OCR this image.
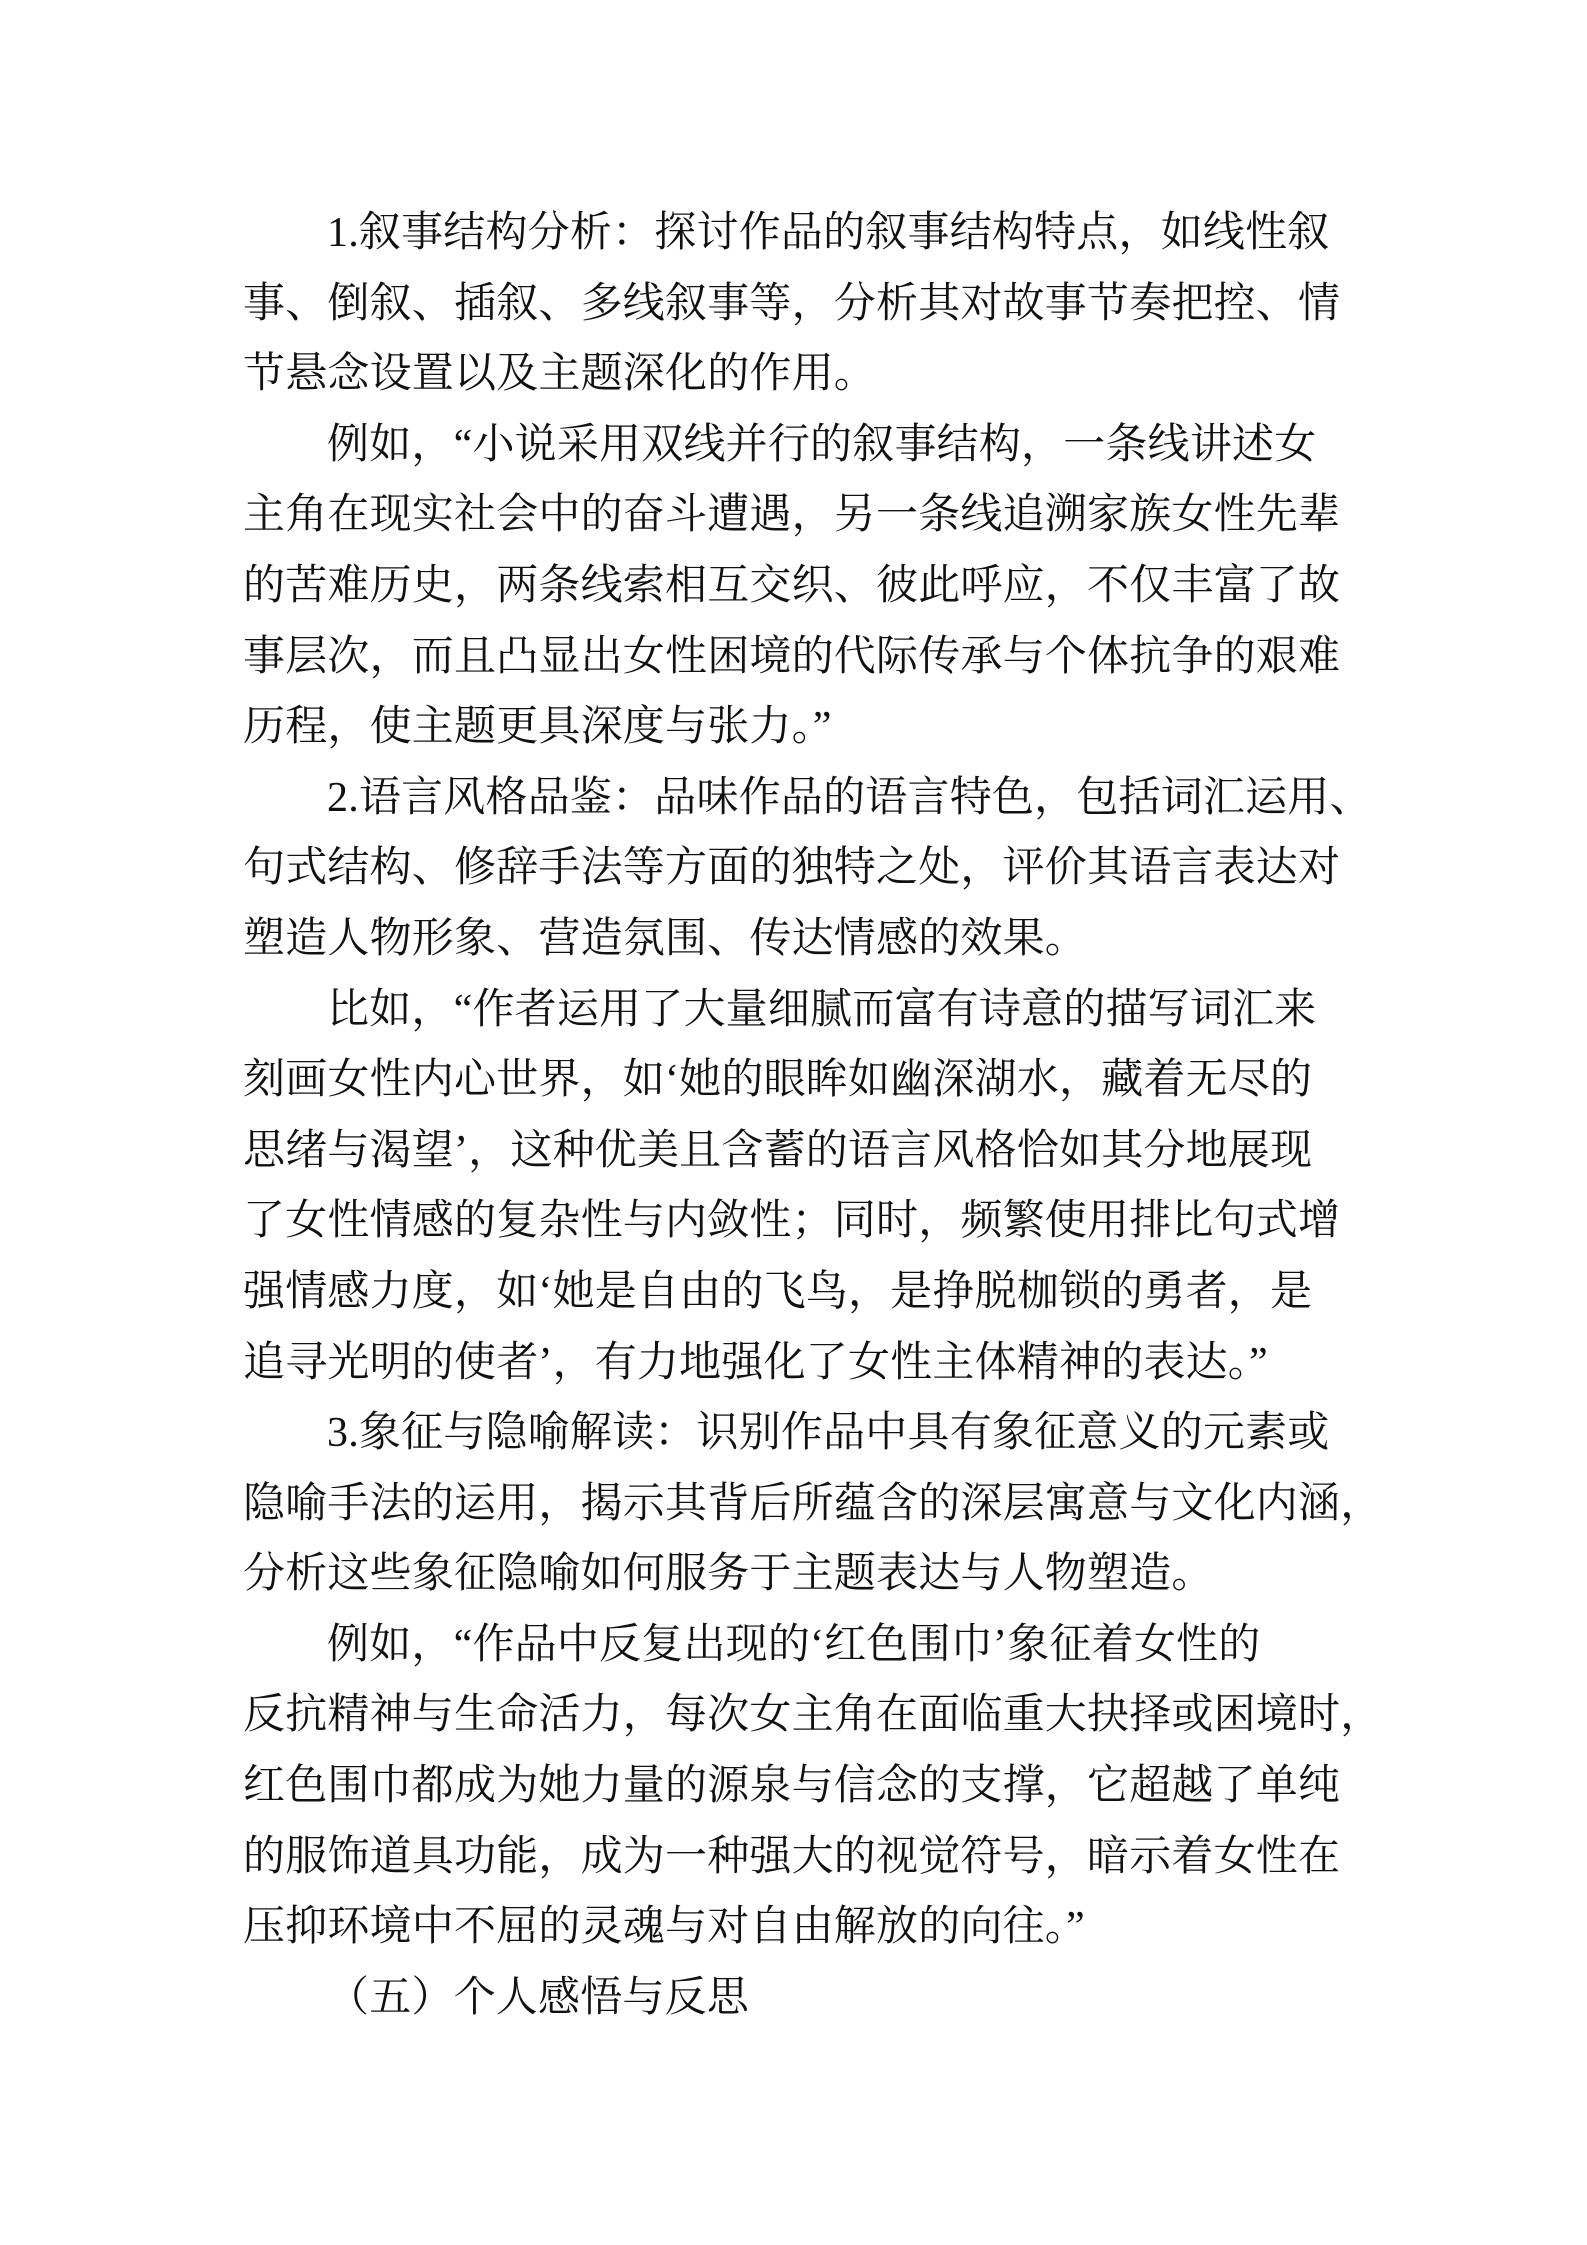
1.叙事结构分析：探讨作品的叙事结构特点，如线性叙
事、倒叙、插叙、多线叙事等，分析其对故事节奏把控、情
节悬念设置以及主题深化的作用。
例如，“小说采用双线并行的叙事结构，一条线讲述女
主角在现实社会中的奋斗遭遇，另一条线追溯家族女性先辈
的苦难历史，两条线索相互交织、彼此呼应，不仅丰富了故
事层次，而且凸显出女性困境的代际传承与个体抗争的艰难
历程，使主题更具深度与张力。”
2.语言风格品鉴：品味作品的语言特色，包括词汇运用、
句式结构、修辞手法等方面的独特之处，评价其语言表达对
塑造人物形象、营造氛围、传达情感的效果。
比如，“作者运用了大量细腻而富有诗意的描写词汇来
刻画女性内心世界，如‘她的眼眸如幽深湖水，藏着无尽的
思绪与渴望’，这种优美且含蓄的语言风格恰如其分地展现
了女性情感的复杂性与内敛性；同时，频繁使用排比句式增
强情感力度，如‘她是自由的飞鸟，是挣脱枷锁的勇者，是
追寻光明的使者’，有力地强化了女性主体精神的表达。”
3.象征与隐喻解读：识别作品中具有象征意义的元素或
隐喻手法的运用，揭示其背后所蕴含的深层寓意与文化内涵，
分析这些象征隐喻如何服务于主题表达与人物塑造。
例如，“作品中反复出现的‘红色围巾’象征着女性的
反抗精神与生命活力，每次女主角在面临重大抉择或困境时，
红色围巾都成为她力量的源泉与信念的支撑，它超越了单纯
的服饰道具功能，成为一种强大的视觉符号，暗示着女性在
压抑环境中不屈的灵魂与对自由解放的向往。”
（五）个人感悟与反思
